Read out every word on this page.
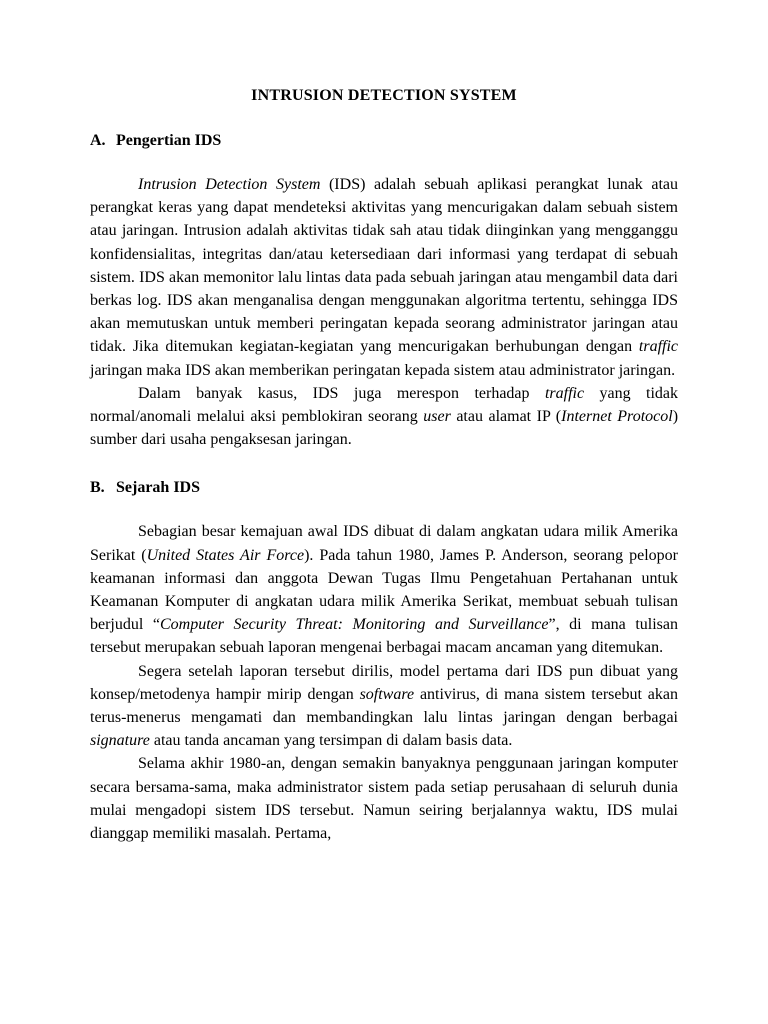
INTRUSION DETECTION SYSTEM
A. Pengertian IDS

Intrusion Detection System (IDS) adalah sebuah aplikasi perangkat lunak atau perangkat keras yang dapat mendeteksi aktivitas yang mencurigakan dalam sebuah sistem atau jaringan. Intrusion adalah aktivitas tidak sah atau tidak diinginkan yang mengganggu konfidensialitas, integritas dan/atau ketersediaan dari informasi yang terdapat di sebuah sistem. IDS akan memonitor lalu lintas data pada sebuah jaringan atau mengambil data dari berkas log. IDS akan menganalisa dengan menggunakan algoritma tertentu, sehingga IDS akan memutuskan untuk memberi peringatan kepada seorang administrator jaringan atau tidak. Jika ditemukan kegiatan-kegiatan yang mencurigakan berhubungan dengan traffic jaringan maka IDS akan memberikan peringatan kepada sistem atau administrator jaringan.

Dalam banyak kasus, IDS juga merespon terhadap traffic yang tidak normal/anomali melalui aksi pemblokiran seorang user atau alamat IP (Internet Protocol) sumber dari usaha pengaksesan jaringan.

B. Sejarah IDS

Sebagian besar kemajuan awal IDS dibuat di dalam angkatan udara milik Amerika Serikat (United States Air Force). Pada tahun 1980, James P. Anderson, seorang pelopor keamanan informasi dan anggota Dewan Tugas Ilmu Pengetahuan Pertahanan untuk Keamanan Komputer di angkatan udara milik Amerika Serikat, membuat sebuah tulisan berjudul “Computer Security Threat: Monitoring and Surveillance”, di mana tulisan tersebut merupakan sebuah laporan mengenai berbagai macam ancaman yang ditemukan.

Segera setelah laporan tersebut dirilis, model pertama dari IDS pun dibuat yang konsep/metodenya hampir mirip dengan software antivirus, di mana sistem tersebut akan terus-menerus mengamati dan membandingkan lalu lintas jaringan dengan berbagai signature atau tanda ancaman yang tersimpan di dalam basis data.

Selama akhir 1980-an, dengan semakin banyaknya penggunaan jaringan komputer secara bersama-sama, maka administrator sistem pada setiap perusahaan di seluruh dunia mulai mengadopi sistem IDS tersebut. Namun seiring berjalannya waktu, IDS mulai dianggap memiliki masalah. Pertama,
